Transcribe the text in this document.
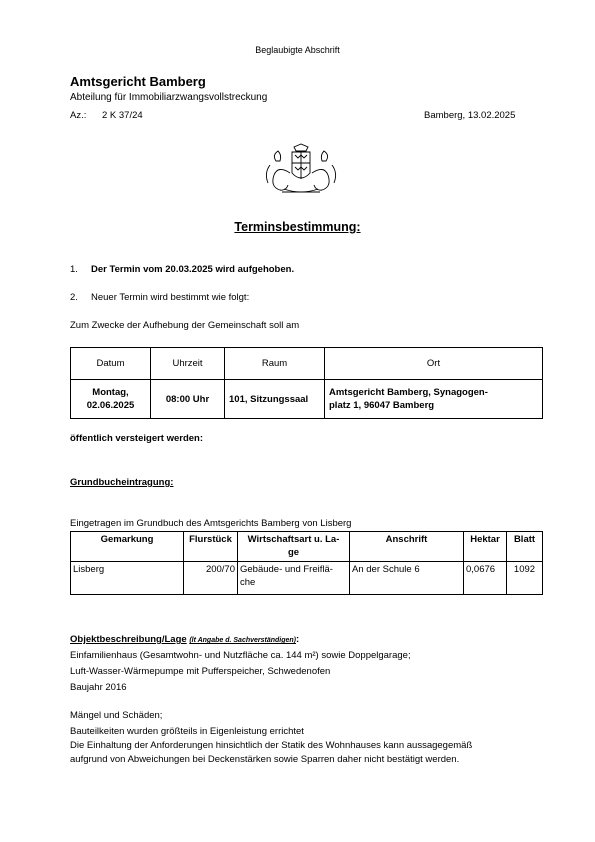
Beglaubigte Abschrift
Amtsgericht Bamberg
Abteilung für Immobiliarzwangsvollstreckung
Az.: 2 K 37/24	Bamberg, 13.02.2025
Terminsbestimmung:
1. Der Termin vom 20.03.2025 wird aufgehoben.
2. Neuer Termin wird bestimmt wie folgt:
Zum Zwecke der Aufhebung der Gemeinschaft soll am
Datum	Uhrzeit	Raum	Ort
Montag,
02.06.2025	08:00 Uhr	101, Sitzungssaal	Amtsgericht Bamberg, Synagogen-
platz 1, 96047 Bamberg
öffentlich versteigert werden:
Grundbucheintragung:
Eingetragen im Grundbuch des Amtsgerichts Bamberg von Lisberg
Gemarkung	Flurstück	Wirtschaftsart u. La-
ge	Anschrift	Hektar	Blatt
Lisberg	200/70	Gebäude- und Freiflä-
che	An der Schule 6	0,0676	1092
Objektbeschreibung/Lage (lt Angabe d. Sachverständigen):
Einfamilienhaus (Gesamtwohn- und Nutzfläche ca. 144 m²) sowie Doppelgarage;
Luft-Wasser-Wärmepumpe mit Pufferspeicher, Schwedenofen
Baujahr 2016
Mängel und Schäden;
Bauteilkeiten wurden größteils in Eigenleistung errichtet
Die Einhaltung der Anforderungen hinsichtlich der Statik des Wohnhauses kann aussagegemäß
aufgrund von Abweichungen bei Deckenstärken sowie Sparren daher nicht bestätigt werden.
